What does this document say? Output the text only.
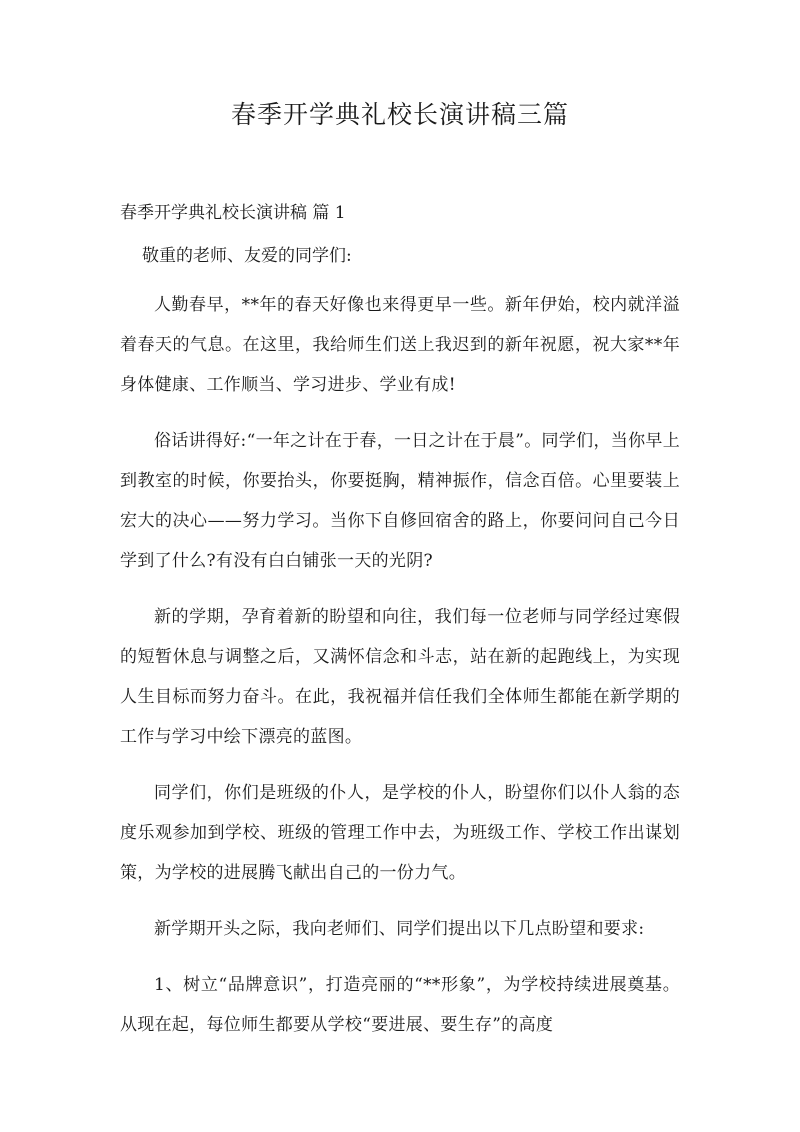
春季开学典礼校长演讲稿三篇
春季开学典礼校长演讲稿 篇 1

敬重的老师、友爱的同学们:

人勤春早，**年的春天好像也来得更早一些。新年伊始，校内就洋溢着春天的气息。在这里，我给师生们送上我迟到的新年祝愿，祝大家**年身体健康、工作顺当、学习进步、学业有成!

俗话讲得好:“一年之计在于春，一日之计在于晨”。同学们，当你早上到教室的时候，你要抬头，你要挺胸，精神振作，信念百倍。心里要装上宏大的决心——努力学习。当你下自修回宿舍的路上，你要问问自己今日学到了什么?有没有白白铺张一天的光阴?

新的学期，孕育着新的盼望和向往，我们每一位老师与同学经过寒假的短暂休息与调整之后，又满怀信念和斗志，站在新的起跑线上，为实现人生目标而努力奋斗。在此，我祝福并信任我们全体师生都能在新学期的工作与学习中绘下漂亮的蓝图。

同学们，你们是班级的仆人，是学校的仆人，盼望你们以仆人翁的态度乐观参加到学校、班级的管理工作中去，为班级工作、学校工作出谋划策，为学校的进展腾飞献出自己的一份力气。

新学期开头之际，我向老师们、同学们提出以下几点盼望和要求:

1、树立“品牌意识”，打造亮丽的“**形象”，为学校持续进展奠基。从现在起，每位师生都要从学校“要进展、要生存”的高度
